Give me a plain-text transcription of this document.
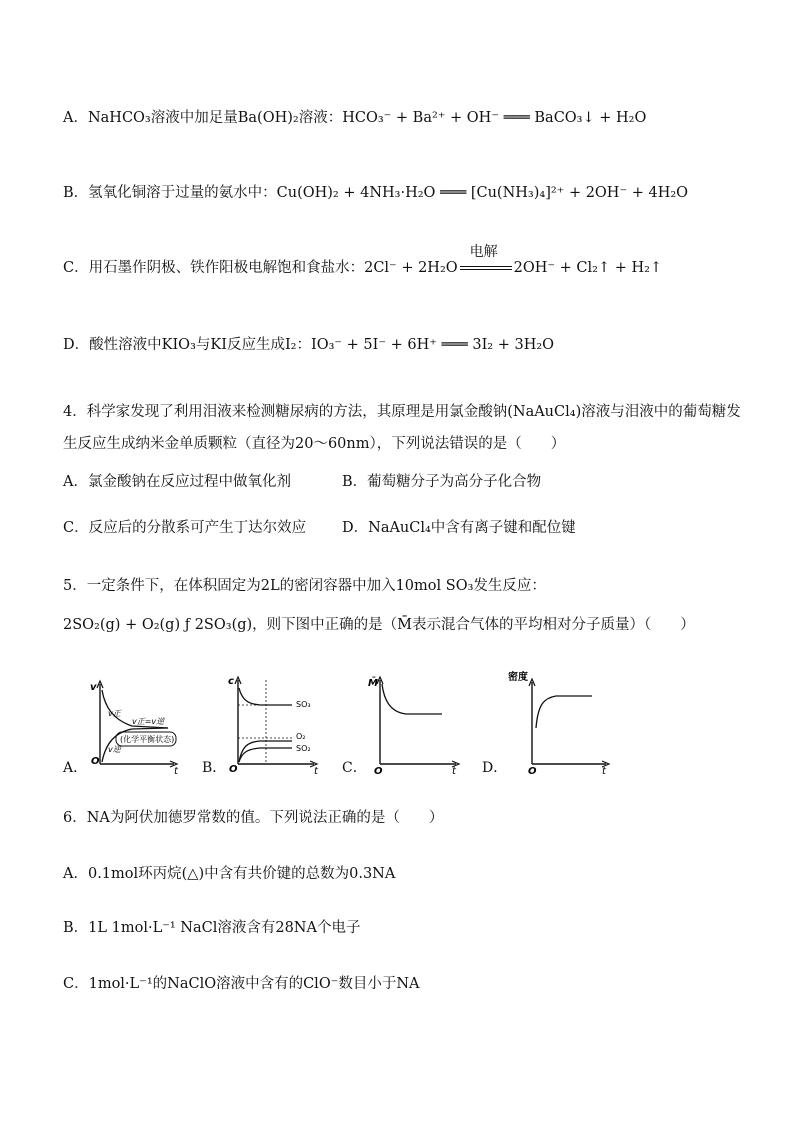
A．NaHCO₃溶液中加足量Ba(OH)₂溶液：HCO₃⁻ + Ba²⁺ + OH⁻ ═══ BaCO₃↓ + H₂O
B．氢氧化铜溶于过量的氨水中：Cu(OH)₂ + 4NH₃·H₂O ═══ [Cu(NH₃)₄]²⁺ + 2OH⁻ + 4H₂O
C．用石墨作阴极、铁作阳极电解饱和食盐水：2Cl⁻ + 2H₂O
电解
2OH⁻ + Cl₂↑ + H₂↑
D．酸性溶液中KIO₃与KI反应生成I₂：IO₃⁻ + 5I⁻ + 6H⁺ ═══ 3I₂ + 3H₂O
4．科学家发现了利用泪液来检测糖尿病的方法，其原理是用氯金酸钠(NaAuCl₄)溶液与泪液中的葡萄糖发
生反应生成纳米金单质颗粒（直径为20～60nm），下列说法错误的是（　　）
A．氯金酸钠在反应过程中做氧化剂	B．葡萄糖分子为高分子化合物
C．反应后的分散系可产生丁达尔效应 D．NaAuCl₄中含有离子键和配位键
5．一定条件下，在体积固定为2L的密闭容器中加入10mol SO₃发生反应：
2SO₂(g) + O₂(g) ƒ 2SO₃(g)，则下图中正确的是（M̄表示混合气体的平均相对分子质量）（　　）
A．	B．	C．	D．
v
t
O
v正
v逆
v正=v逆
(化学平衡状态)
c
t
O
SO₃
O₂
SO₂
M̄
t
O
密度
t
O
6．NA为阿伏加德罗常数的值。下列说法正确的是（　　）
A．0.1mol环丙烷(△)中含有共价键的总数为0.3NA
B．1L 1mol·L⁻¹ NaCl溶液含有28NA个电子
C．1mol·L⁻¹的NaClO溶液中含有的ClO⁻数目小于NA
